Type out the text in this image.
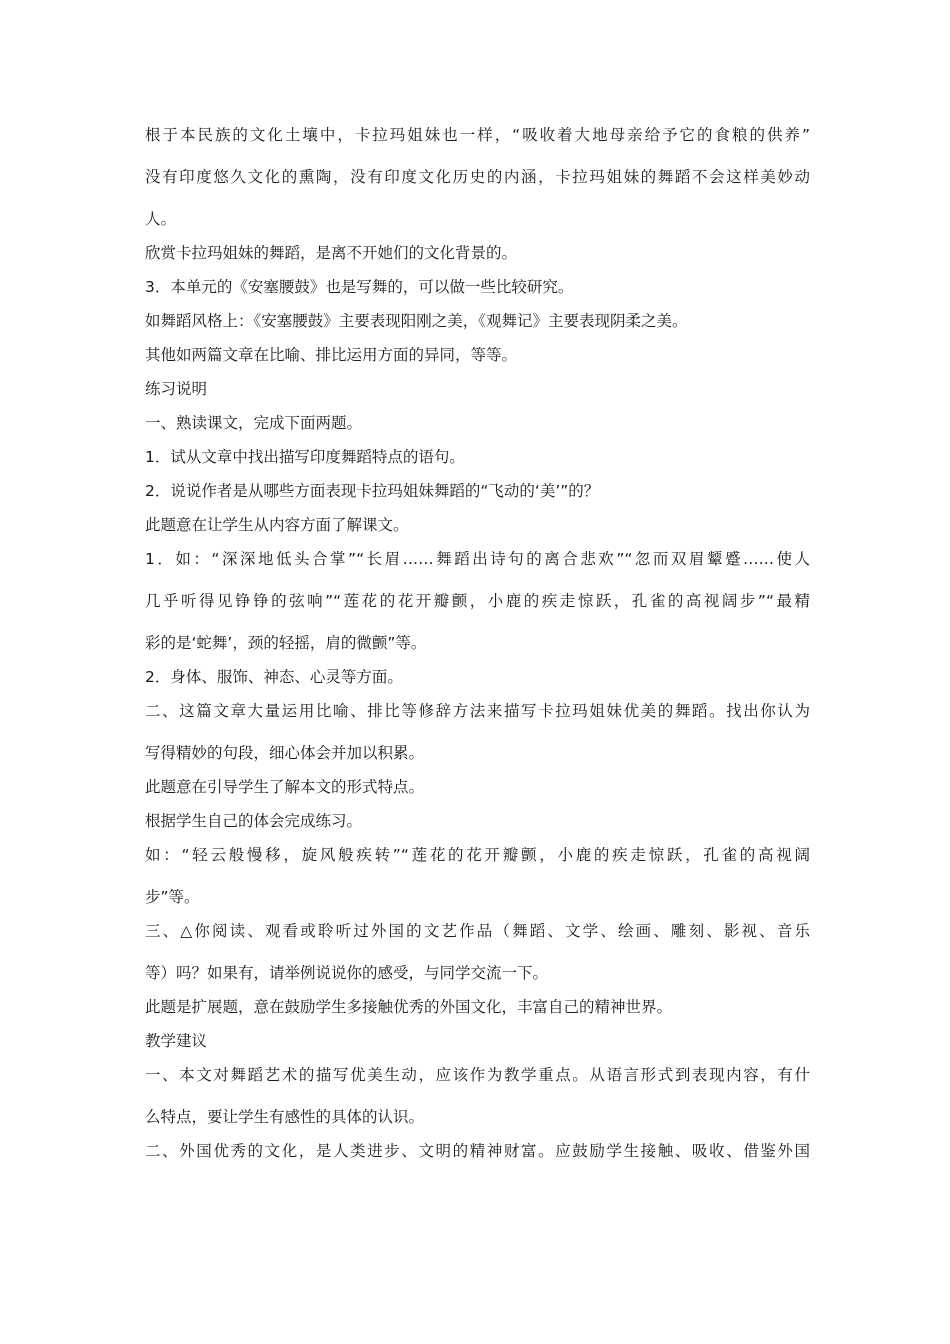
根于本民族的文化土壤中，卡拉玛姐妹也一样，“吸收着大地母亲给予它的食粮的供养”
没有印度悠久文化的熏陶，没有印度文化历史的内涵，卡拉玛姐妹的舞蹈不会这样美妙动
人。
欣赏卡拉玛姐妹的舞蹈，是离不开她们的文化背景的。
3．本单元的《安塞腰鼓》也是写舞的，可以做一些比较研究。
如舞蹈风格上：《安塞腰鼓》主要表现阳刚之美，《观舞记》主要表现阴柔之美。
其他如两篇文章在比喻、排比运用方面的异同，等等。
练习说明
一、熟读课文，完成下面两题。
1．试从文章中找出描写印度舞蹈特点的语句。
2．说说作者是从哪些方面表现卡拉玛姐妹舞蹈的“飞动的‘美’”的？
此题意在让学生从内容方面了解课文。
1．如：“深深地低头合掌”“长眉……舞蹈出诗句的离合悲欢”“忽而双眉颦蹙……使人
几乎听得见铮铮的弦响”“莲花的花开瓣颤，小鹿的疾走惊跃，孔雀的高视阔步”“最精
彩的是‘蛇舞’，颈的轻摇，肩的微颤”等。
2．身体、服饰、神态、心灵等方面。
二、这篇文章大量运用比喻、排比等修辞方法来描写卡拉玛姐妹优美的舞蹈。找出你认为
写得精妙的句段，细心体会并加以积累。
此题意在引导学生了解本文的形式特点。
根据学生自己的体会完成练习。
如：“轻云般慢移，旋风般疾转”“莲花的花开瓣颤，小鹿的疾走惊跃，孔雀的高视阔
步”等。
三、△你阅读、观看或聆听过外国的文艺作品（舞蹈、文学、绘画、雕刻、影视、音乐
等）吗？如果有，请举例说说你的感受，与同学交流一下。
此题是扩展题，意在鼓励学生多接触优秀的外国文化，丰富自己的精神世界。
教学建议
一、本文对舞蹈艺术的描写优美生动，应该作为教学重点。从语言形式到表现内容，有什
么特点，要让学生有感性的具体的认识。
二、外国优秀的文化，是人类进步、文明的精神财富。应鼓励学生接触、吸收、借鉴外国
